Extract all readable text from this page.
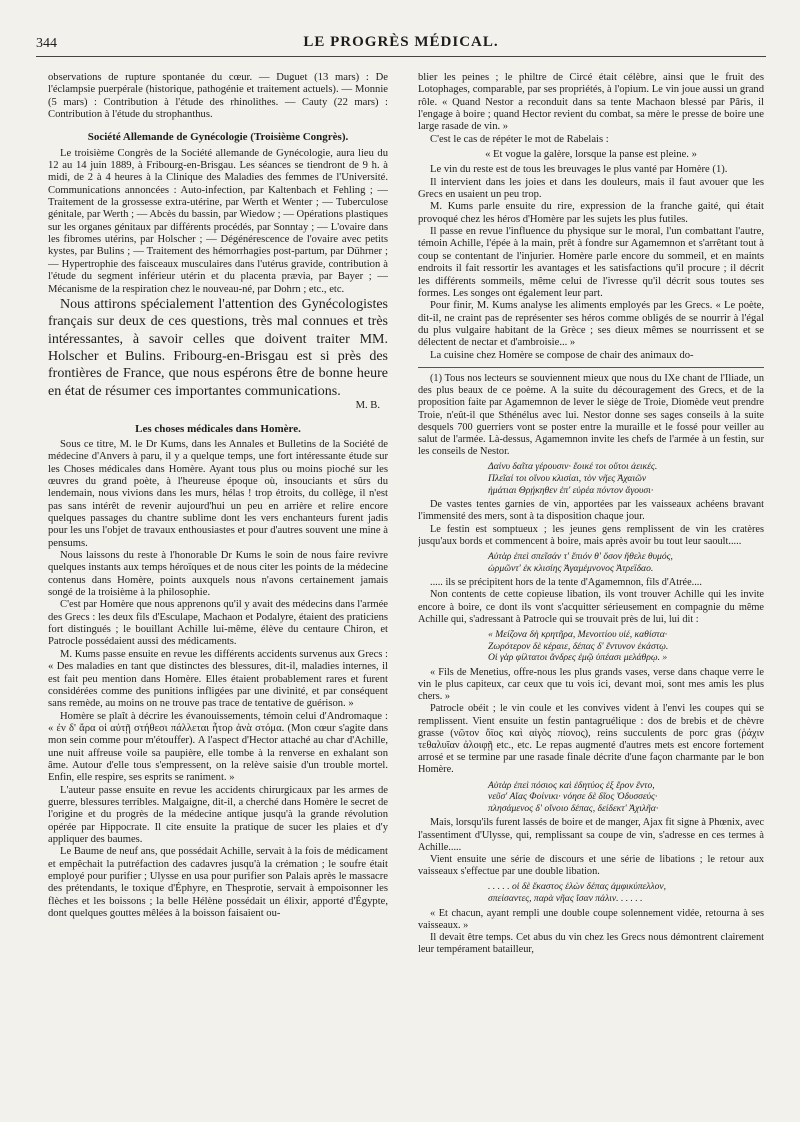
344	LE PROGRÈS MÉDICAL.

observations de rupture spontanée du cœur. — Duguet (13 mars) : De l'éclampsie puerpérale (historique, pathogénie et traitement actuels). — Monnie (5 mars) : Contribution à l'étude des rhinolithes. — Cauty (22 mars) : Contribution à l'étude du strophanthus.

Société Allemande de Gynécologie (Troisième Congrès).

Le troisième Congrès de la Société allemande de Gynécologie, aura lieu du 12 au 14 juin 1889, à Fribourg-en-Brisgau. Les séances se tiendront de 9 h. à midi, de 2 à 4 heures à la Clinique des Maladies des femmes de l'Université. Communications annoncées : Auto-infection, par Kaltenbach et Fehling ; — Traitement de la grossesse extra-utérine, par Werth et Wenter ; — Tuberculose génitale, par Werth ; — Abcès du bassin, par Wiedow ; — Opérations plastiques sur les organes génitaux par différents procédés, par Sonntay ; — L'ovaire dans les fibromes utérins, par Holscher ; — Dégénérescence de l'ovaire avec petits kystes, par Bulins ; — Traitement des hémorrhagies post-partum, par Dührner ; — Hypertrophie des faisceaux musculaires dans l'utérus gravide, contribution à l'étude du segment inférieur utérin et du placenta prævia, par Bayer ; — Mécanisme de la respiration chez le nouveau-né, par Dohrn ; etc., etc.

Nous attirons spécialement l'attention des Gynécologistes français sur deux de ces questions, très mal connues et très intéressantes, à savoir celles que doivent traiter MM. Holscher et Bulins. Fribourg-en-Brisgau est si près des frontières de France, que nous espérons être de bonne heure en état de résumer ces importantes communications.

M. B.
Les choses médicales dans Homère.

Sous ce titre, M. le Dr Kums, dans les Annales et Bulletins de la Société de médecine d'Anvers à paru, il y a quelque temps, une fort intéressante étude sur les Choses médicales dans Homère. Ayant tous plus ou moins pioché sur les œuvres du grand poète, à l'heureuse époque où, insouciants et sûrs du lendemain, nous vivions dans les murs, hélas ! trop étroits, du collège, il n'est pas sans intérêt de revenir aujourd'hui un peu en arrière et relire encore quelques passages du chantre sublime dont les vers enchanteurs furent jadis pour les uns l'objet de travaux enthousiastes et pour d'autres souvent une mine à pensums.

Nous laissons du reste à l'honorable Dr Kums le soin de nous faire revivre quelques instants aux temps héroïques et de nous citer les points de la médecine contenus dans Homère, points auxquels nous n'avons certainement jamais songé de la troisième à la philosophie.

C'est par Homère que nous apprenons qu'il y avait des médecins dans l'armée des Grecs : les deux fils d'Esculape, Machaon et Podalyre, étaient des praticiens fort distingués ; le bouillant Achille lui-même, élève du centaure Chiron, et Patrocle possédaient aussi des médicaments.

M. Kums passe ensuite en revue les différents accidents survenus aux Grecs : « Des maladies en tant que distinctes des blessures, dit-il, maladies internes, il est fait peu mention dans Homère. Elles étaient probablement rares et furent considérées comme des punitions infligées par une divinité, et par conséquent sans remède, au moins on ne trouve pas trace de tentative de guérison. »

Homère se plaît à décrire les évanouissements, témoin celui d'Andromaque : « ἐν δ' ἄρα οἱ αὐτῇ στήθεσι πάλλεται ἦτορ ἀνὰ στόμα. (Mon cœur s'agite dans mon sein comme pour m'étouffer). A l'aspect d'Hector attaché au char d'Achille, une nuit affreuse voile sa paupière, elle tombe à la renverse en exhalant son âme. Autour d'elle tous s'empressent, on la relève saisie d'un trouble mortel. Enfin, elle respire, ses esprits se raniment. »

L'auteur passe ensuite en revue les accidents chirurgicaux par les armes de guerre, blessures terribles. Malgaigne, dit-il, a cherché dans Homère le secret de l'origine et du progrès de la médecine antique jusqu'à la grande révolution opérée par Hippocrate. Il cite ensuite la pratique de sucer les plaies et d'y appliquer des baumes.

Le Baume de neuf ans, que possédait Achille, servait à la fois de médicament et empêchait la putréfaction des cadavres jusqu'à la crémation ; le soufre était employé pour purifier ; Ulysse en usa pour purifier son Palais après le massacre des prétendants, le toxique d'Éphyre, en Thesprotie, servait à empoisonner les flèches et les boissons ; la belle Hélène possédait un élixir, apporté d'Égypte, dont quelques gouttes mêlées à la boisson faisaient ou-

blier les peines ; le philtre de Circé était célèbre, ainsi que le fruit des Lotophages, comparable, par ses propriétés, à l'opium. Le vin joue aussi un grand rôle. « Quand Nestor a reconduit dans sa tente Machaon blessé par Pâris, il l'engage à boire ; quand Hector revient du combat, sa mère le presse de boire une large rasade de vin. »

C'est le cas de répéter le mot de Rabelais :

« Et vogue la galère, lorsque la panse est pleine. »

Le vin du reste est de tous les breuvages le plus vanté par Homère (1).

Il intervient dans les joies et dans les douleurs, mais il faut avouer que les Grecs en usaient un peu trop.

M. Kums parle ensuite du rire, expression de la franche gaité, qui était provoqué chez les héros d'Homère par les sujets les plus futiles.

Il passe en revue l'influence du physique sur le moral, l'un combattant l'autre, témoin Achille, l'épée à la main, prêt à fondre sur Agamemnon et s'arrêtant tout à coup se contentant de l'injurier. Homère parle encore du sommeil, et en maints endroits il fait ressortir les avantages et les satisfactions qu'il procure ; il décrit les différents sommeils, même celui de l'ivresse qu'il décrit sous toutes ses formes. Les songes ont également leur part.

Pour finir, M. Kums analyse les aliments employés par les Grecs. « Le poète, dit-il, ne craint pas de représenter ses héros comme obligés de se nourrir à l'égal du plus vulgaire habitant de la Grèce ; ses dieux mêmes se nourrissent et se délectent de nectar et d'ambroisie... »

La cuisine chez Homère se compose de chair des animaux do-

(1) Tous nos lecteurs se souviennent mieux que nous du IXe chant de l'Iliade, un des plus beaux de ce poème. A la suite du découragement des Grecs, et de la proposition faite par Agamemnon de lever le siège de Troie, Diomède veut prendre Troie, n'eût-il que Sthénélus avec lui. Nestor donne ses sages conseils à la suite desquels 700 guerriers vont se poster entre la muraille et le fossé pour veiller au salut de l'armée. Là-dessus, Agamemnon invite les chefs de l'armée à un festin, sur les conseils de Nestor.

Δαίνυ δαῖτα γέρουσιν· ἔοικέ τοι οὔτοι ἀεικές.
Πλεῖαί τοι οἴνου κλισίαι, τὸν νῆες Ἀχαιῶν
ἠμάτιαι Θρῄκηθεν ἐπ' εὐρέα πόντον ἄγουσι·

De vastes tentes garnies de vin, apportées par les vaisseaux achéens bravant l'immensité des mers, sont à ta disposition chaque jour.

Le festin est somptueux ; les jeunes gens remplissent de vin les cratères jusqu'aux bords et commencent à boire, mais après avoir bu tout leur saoult.....

Αὐτὰρ ἐπεὶ σπεῖσάν τ' ἔπιόν θ' ὅσον ἤθελε θυμός,
ὡρμῶντ' ἐκ κλισίης Ἀγαμέμνονος Ἀτρεΐδαο.

..... ils se précipitent hors de la tente d'Agamemnon, fils d'Atrée....

Non contents de cette copieuse libation, ils vont trouver Achille qui les invite encore à boire, ce dont ils vont s'acquitter sérieusement en compagnie du même Achille qui, s'adressant à Patrocle qui se trouvait près de lui, lui dit :

« Μείζονα δὴ κρητῆρα, Μενοιτίου υἱέ, καθίστα·
Ζωρότερον δὲ κέραιε, δέπας δ' ἔντυνον ἑκάστῳ.
Οἱ γὰρ φίλτατοι ἄνδρες ἐμῷ ὑπέασι μελάθρῳ. »

« Fils de Menetius, offre-nous les plus grands vases, verse dans chaque verre le vin le plus capiteux, car ceux que tu vois ici, devant moi, sont mes amis les plus chers. »

Patrocle obéit ; le vin coule et les convives vident à l'envi les coupes qui se remplissent. Vient ensuite un festin pantagruélique : dos de brebis et de chèvre grasse (νῶτον ὄϊος καὶ αἰγὸς πίονος), reins succulents de porc gras (ῥάχιν τεθαλυῖαν ἀλοιφῇ etc., etc. Le repas augmenté d'autres mets est encore fortement arrosé et se termine par une rasade finale décrite d'une façon charmante par le bon Homère.

Αὐτὰρ ἐπεὶ πόσιος καὶ ἐδητύος ἐξ ἔρον ἕντο,
νεῦσ' Αἴας Φοίνικι· νόησε δὲ δῖος Ὀδυσσεύς·
πλησάμενος δ' οἴνοιο δέπας, δείδεκτ' Ἀχιλῆα·

Mais, lorsqu'ils furent lassés de boire et de manger, Ajax fit signe à Phœnix, avec l'assentiment d'Ulysse, qui, remplissant sa coupe de vin, s'adresse en ces termes à Achille.....

Vient ensuite une série de discours et une série de libations ; le retour aux vaisseaux s'effectue par une double libation.

. . . . . οἱ δὲ ἕκαστος ἑλὼν δέπας ἀμφικύπελλον,
σπείσαντες, παρὰ νῆας ἴσαν πάλιν. . . . . .

« Et chacun, ayant rempli une double coupe solennement vidée, retourna à ses vaisseaux. »

Il devait être temps. Cet abus du vin chez les Grecs nous démontrent clairement leur tempérament batailleur,
